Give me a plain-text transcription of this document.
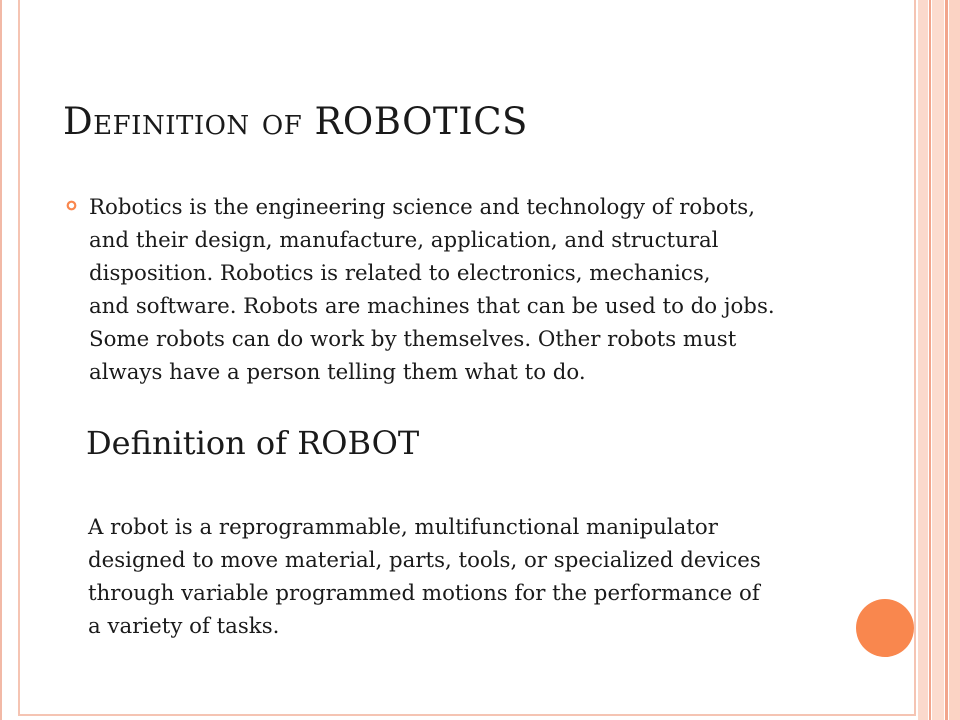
Definition of ROBOTICS

Robotics is the engineering science and technology of robots,
and their design, manufacture, application, and structural
disposition. Robotics is related to electronics, mechanics,
and software. Robots are machines that can be used to do jobs.
Some robots can do work by themselves. Other robots must
always have a person telling them what to do.

Definition of ROBOT

A robot is a reprogrammable, multifunctional manipulator
designed to move material, parts, tools, or specialized devices
through variable programmed motions for the performance of
a variety of tasks.
